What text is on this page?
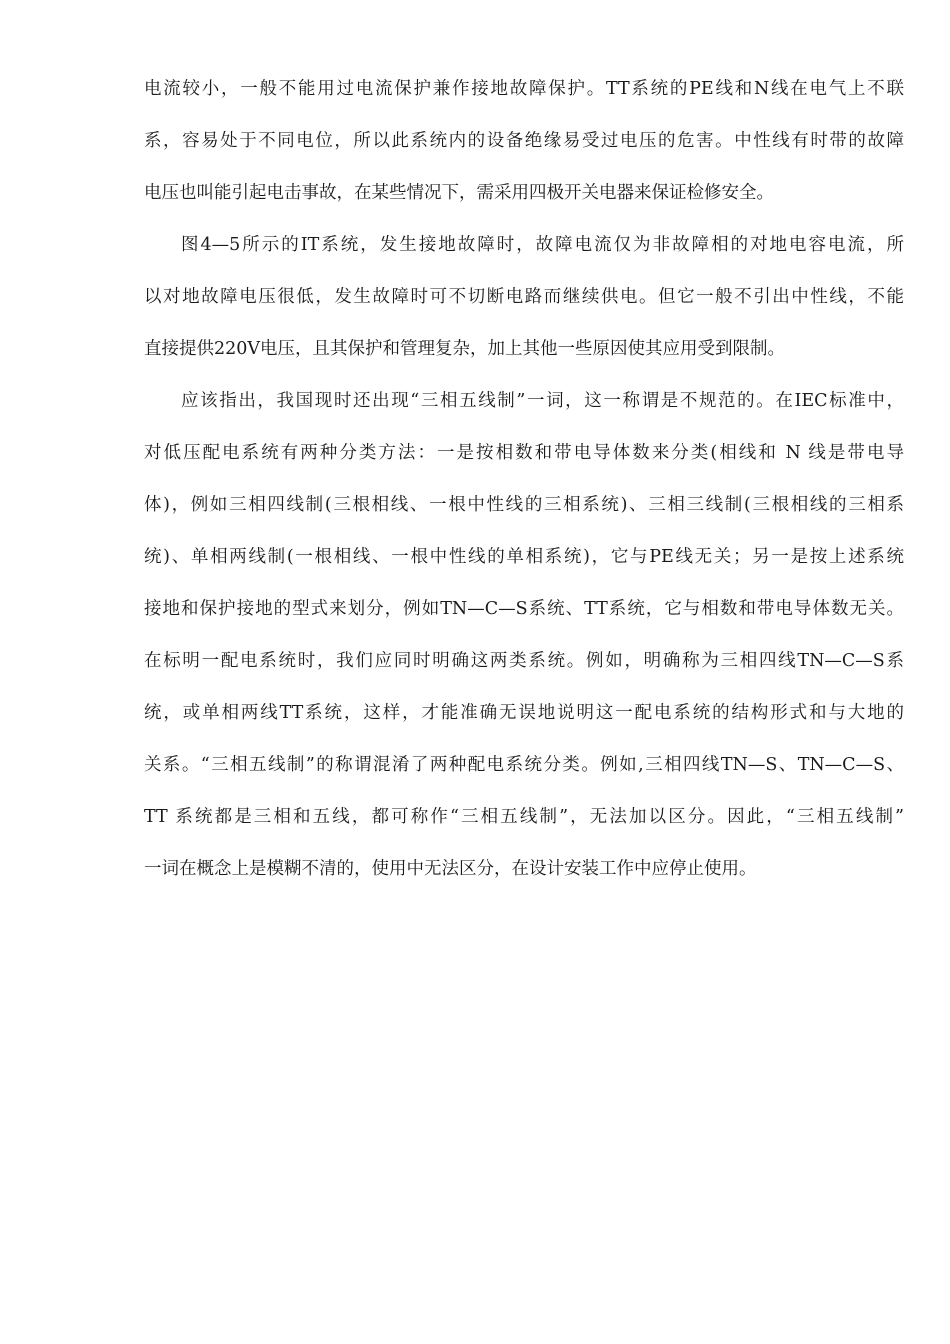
电流较小，一般不能用过电流保护兼作接地故障保护。TT系统的PE线和N线在电气上不联
系，容易处于不同电位，所以此系统内的设备绝缘易受过电压的危害。中性线有时带的故障
电压也叫能引起电击事故，在某些情况下，需采用四极开关电器来保证检修安全。
图4—5所示的IT系统，发生接地故障时，故障电流仅为非故障相的对地电容电流，所
以对地故障电压很低，发生故障时可不切断电路而继续供电。但它一般不引出中性线，不能
直接提供220V电压，且其保护和管理复杂，加上其他一些原因使其应用受到限制。
应该指出，我国现时还出现“三相五线制”一词，这一称谓是不规范的。在IEC标准中，
对低压配电系统有两种分类方法：一是按相数和带电导体数来分类(相线和 N 线是带电导
体)，例如三相四线制(三根相线、一根中性线的三相系统)、三相三线制(三根相线的三相系
统)、单相两线制(一根相线、一根中性线的单相系统)，它与PE线无关；另一是按上述系统
接地和保护接地的型式来划分，例如TN—C—S系统、TT系统，它与相数和带电导体数无关。
在标明一配电系统时，我们应同时明确这两类系统。例如，明确称为三相四线TN—C—S系
统，或单相两线TT系统，这样，才能准确无误地说明这一配电系统的结构形式和与大地的
关系。“三相五线制”的称谓混淆了两种配电系统分类。例如,三相四线TN—S、TN—C—S、
TT 系统都是三相和五线，都可称作“三相五线制”，无法加以区分。因此，“三相五线制”
一词在概念上是模糊不清的，使用中无法区分，在设计安装工作中应停止使用。
